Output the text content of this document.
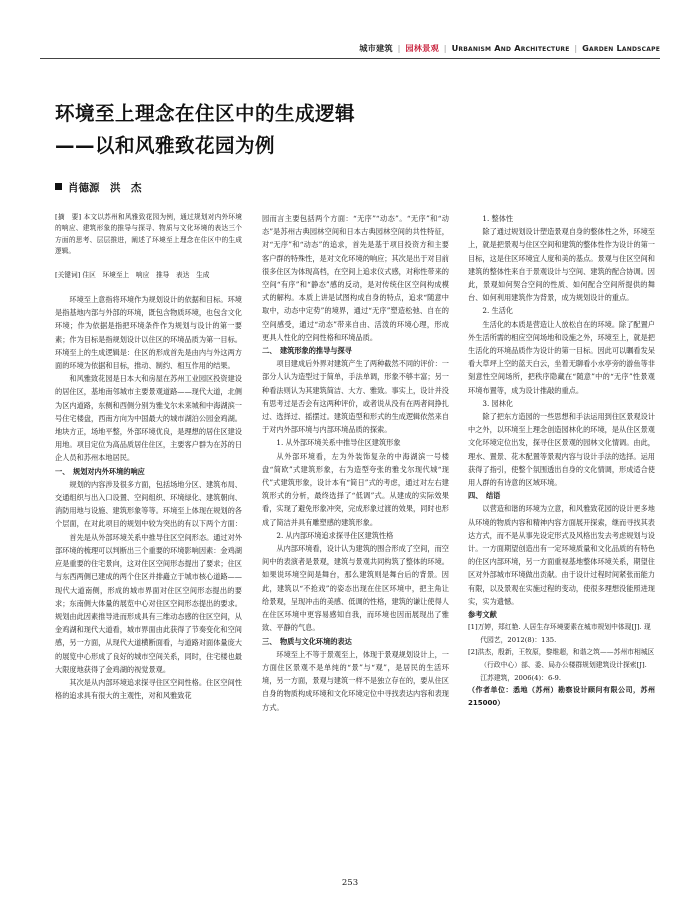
城市建筑 | 园林景观 | Urbanism And Architecture | Garden Landscape
环境至上理念在住区中的生成逻辑
——以和风雅致花园为例
肖德源　洪　杰

[摘　要] 本文以苏州和风雅致花园为例，通过规划对内外环境的响应、建筑形象的推导与探寻、物质与文化环境的表达三个方面的思考、层层推进，阐述了环境至上理念在住区中的生成逻辑。

[关键词] 住区　环境至上　响应　推导　表达　生成

环境至上意指将环境作为规划设计的依据和目标。环境是指基地内部与外部的环境，既包含物质环境，也包含文化环境；作为依据是指把环境条件作为规划与设计的第一要素；作为目标是指规划设计以住区的环境品质为第一目标。环境至上的生成逻辑是：住区的形成首先是由内与外这两方面的环境为依据和目标，推动、制约、相互作用的结果。

和风雅致花园是日本大和房屋在苏州工业园区投资建设的居住区，基地南邻城市主要景观道路——现代大道，北侧为区内道路，东侧和西侧分别为雅戈尔未来城和中海湖滨一号住宅楼盘，西南方向为中国最大的城市湖泊公园金鸡湖。地块方正，场地平整，外部环境优良，是理想的居住区建设用地。项目定位为高品质居住住区，主要客户群为在苏的日企人员和苏州本地居民。

一、　规划对内外环境的响应

规划的内容涉及很多方面，包括场地分区、建筑布局、交通组织与出入口设置、空间组织、环境绿化、建筑朝向、消防用地与设施、建筑形象等等。环境至上体现在规划的各个层面，在对此项目的规划中较为突出的有以下两个方面：

首先是从外部环境关系中推导住区空间形态。通过对外部环境的梳理可以判断出三个重要的环境影响因素：金鸡湖应是重要的住宅景向，这对住区空间形态提出了要求；住区与东西两侧已建成的两个住区并排矗立于城市核心道路——现代大道南侧，形成的城市界面对住区空间形态提出的要求；东南侧大体量的展览中心对住区空间形态提出的要求。规划由此因素推导进而形成具有三维动态感的住区空间，从金鸡湖和现代大道看，城市界面由此获得了节奏变化和空间感，另一方面，从现代大道横断面看，与道路对面体量庞大的展览中心形成了良好的城市空间关系，同时，住宅楼也最大限度地获得了金鸡湖的视觉景观。

其次是从内部环境追求探寻住区空间性格。住区空间性格的追求具有很大的主观性，对和风雅致花

园而言主要包括两个方面：“无序”“动态”。“无序”和“动态”是苏州古典园林空间和日本古典园林空间的共性特征，对“无序”和“动态”的追求，首先是基于项目投资方和主要客户群的特殊性，是对文化环境的响应；其次是出于对目前很多住区为体现高档，在空间上追求仪式感，对称性带来的空间“有序”和“静态”感的反动，是对传统住区空间构成模式的解构。本质上讲是试图构成自身的特点，追求“随意中取中，动态中定势”的境界，通过“无序”塑造松弛、自在的空间感受，通过“动态”带来自由、活泼的环境心理，形成更具人性化的空间性格和环境品质。

二、　建筑形象的推导与探寻

项目建成后外界对建筑产生了两种截然不同的评价：一部分人认为造型过于简单，手法单调，形象不够丰富；另一种看法则认为其建筑简洁、大方、雅致。事实上，设计并没有思考过是否会有这两种评价，或者说从没有在两者间挣扎过、选择过、摇摆过。建筑造型和形式的生成逻辑依然来自于对内外部环境与内部环境品质的探索。

1. 从外部环境关系中推导住区建筑形象

从外部环境看，左为外装饰复杂的中海湖滨一号楼盘“简欧”式建筑形象，右为造型夸张的雅戈尔现代城“现代”式建筑形象，设计本有“简日”式的考虑，通过对左右建筑形式的分析，最终选择了“低调”式。从建成的实际效果看，实现了避免形象冲突，完成形象过渡的效果，同时也形成了简洁并具有雕塑感的建筑形象。

2. 从内部环境追求探寻住区建筑性格

从内部环境看，设计认为建筑的围合形成了空间，而空间中的表演者是景观，建筑与景观共同构筑了整体的环境。如果说环境空间是舞台，那么建筑则是舞台后的背景。因此，建筑以“不抢戏”的姿态出现在住区环境中，把主角让给景观，呈现冲击的美感、低调的性格，建筑的谦让使得人在住区环境中更容易感知自我，而环境也因而展现出了雅致、平静的气息。

三、　物质与文化环境的表达

环境至上不等于景观至上，体现于景观规划设计上，一方面住区景观不是单纯的“景”与“观”，是居民的生活环境，另一方面，景观与建筑一样不是独立存在的，要从住区自身的物质构成环境和文化环境定位中寻找表达内容和表现方式。

1. 整体性

除了通过规划设计塑造景观自身的整体性之外，环境至上，就是把景观与住区空间和建筑的整体性作为设计的第一目标，这是住区环境宜人度和美的基点。景观与住区空间和建筑的整体性来自于景观设计与空间、建筑的配合协调。因此，景观如何契合空间的性质、如何配合空间所提供的舞台、如何利用建筑作为背景，成为规划设计的重点。

2. 生活化

生活化的本质是营造让人放松自在的环境。除了配置户外生活所需的相应空间场地和设施之外，环境至上，就是把生活化的环境品质作为设计的第一目标。因此可以瞩看发呆看大草坪上空的蓝天白云，坐着无聊看小水亭旁的游鱼等非刻意性空间场所，把秩序隐藏在“随意”中的“无序”性景观环境布置等，成为设计推敲的重点。

3. 园林化

除了把东方造园的一些思想和手法运用到住区景观设计中之外，以环境至上理念创造园林化的环境，是从住区景观文化环境定位出发，探寻住区景观的园林文化情调。由此，理水、置景、花木配置等景观内容与设计手法的选择。运用获得了指引，使整个氛围透出自身的文化情调，形成适合使用人群的有诗意的区域环境。

四、　结语

以营造和谐的环境为立意，和风雅致花园的设计更多地从环境的物质内容和精神内容方面展开探索，继而寻找其表达方式，而不是从事先设定形式及风格出发去考虑规划与设计。一方面期望创造出有一定环境质量和文化品质的有特色的住区内部环境，另一方面重视基地整体环境关系，期望住区对外部城市环境做出贡献。由于设计过程时间紧张而能力有限，以及景观在实施过程的变动，使很多理想没能照进现实，实为遗憾。

参考文献

[1]万婷，郑红艳. 人居生存环境要素在城市规划中体现[J]. 现代园艺，2012(8)：135.

[2]洪杰，殷新，王牧原，黎维超，和谐之筑——苏州市相城区（行政中心）部、委、局办公楼群规划建筑设计探索[J]. 江苏建筑，2006(4)：6-9.

（作者单位：悉地（苏州）勘察设计顾问有限公司，苏州　215000）

253
